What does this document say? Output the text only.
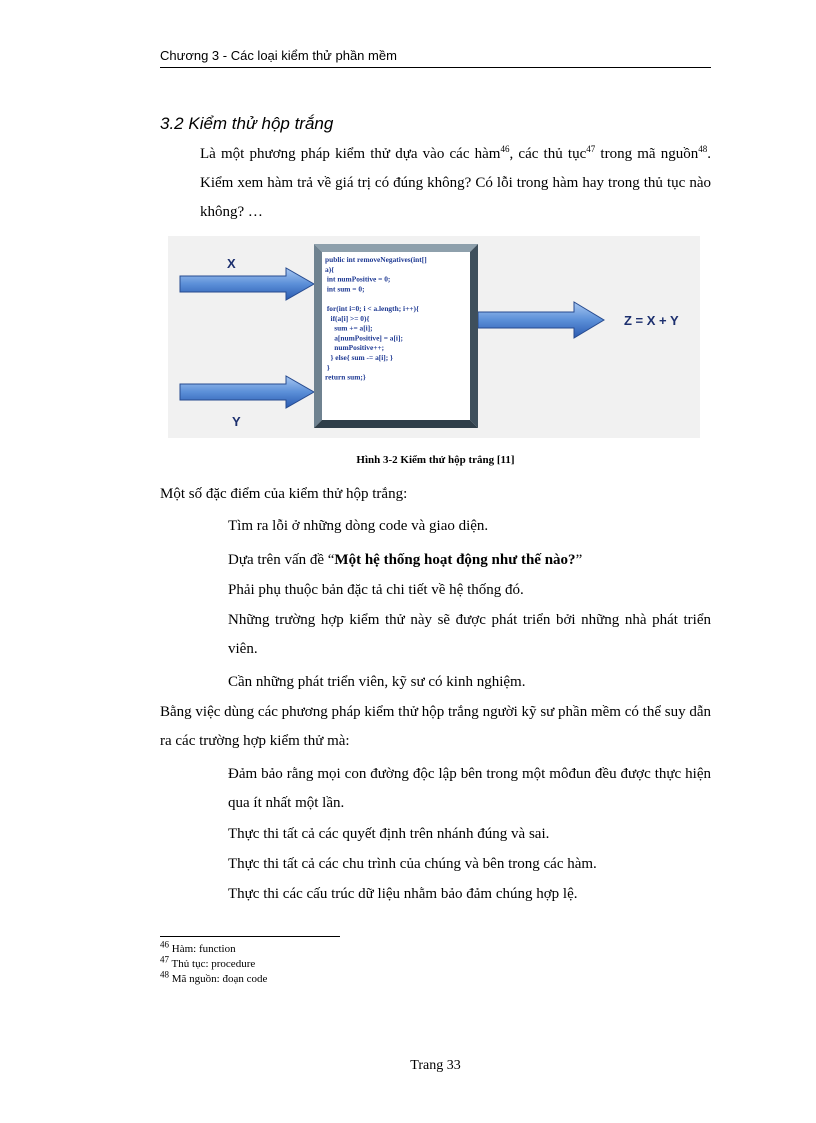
Chương 3 - Các loại kiểm thử phần mềm
3.2 Kiểm thử hộp trắng
Là một phương pháp kiểm thử dựa vào các hàm$^{46}$, các thủ tục$^{47}$ trong mã nguồn$^{48}$. Kiểm xem hàm trả về giá trị có đúng không? Có lỗi trong hàm hay trong thủ tục nào không? …
X
Y
Z = X + Y
public int removeNegatives(int[]
a){
int numPositive = 0;
int sum = 0;
for(int i=0; i < a.length; i++){
if(a[i] >= 0){
sum += a[i];
a[numPositive] = a[i];
numPositive++;
} else{ sum -= a[i]; }
}
return sum;}
Hình 3-2 Kiểm thử hộp trắng [11]
Một số đặc điểm của kiểm thử hộp trắng:
Tìm ra lỗi ở những dòng code và giao diện.
Dựa trên vấn đề “Một hệ thống hoạt động như thế nào?”
Phải phụ thuộc bản đặc tả chi tiết về hệ thống đó.
Những trường hợp kiểm thử này sẽ được phát triển bởi những nhà phát triển viên.
Cần những phát triển viên, kỹ sư có kinh nghiệm.
Bằng việc dùng các phương pháp kiểm thử hộp trắng người kỹ sư phần mềm có thể suy dẫn ra các trường hợp kiểm thử mà:
Đảm bảo rằng mọi con đường độc lập bên trong một môđun đều được thực hiện qua ít nhất một lần.
Thực thi tất cả các quyết định trên nhánh đúng và sai.
Thực thi tất cả các chu trình của chúng và bên trong các hàm.
Thực thi các cấu trúc dữ liệu nhằm bảo đảm chúng hợp lệ.
$^{46}$ Hàm: function
$^{47}$ Thủ tục: procedure
$^{48}$ Mã nguồn: đoạn code
Trang 33
